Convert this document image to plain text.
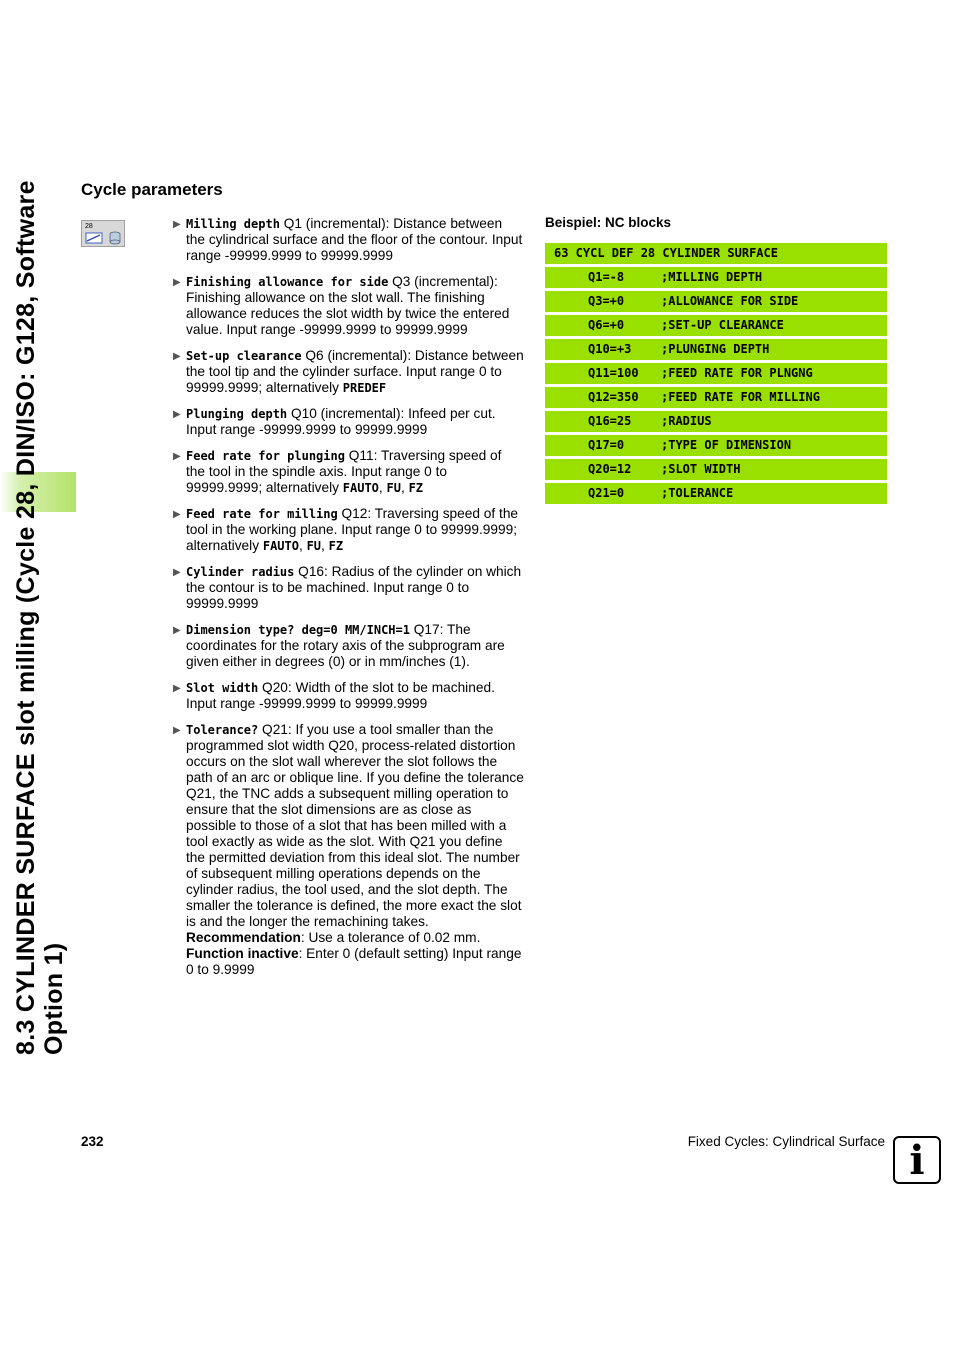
8.3 CYLINDER SURFACE slot milling (Cycle 28, DIN/ISO: G128, Software Option 1)
Cycle parameters
28	▶ Milling depth Q1 (incremental): Distance between the cylindrical surface and the floor of the contour. Input range -99999.9999 to 99999.9999
▶ Finishing allowance for side Q3 (incremental): Finishing allowance on the slot wall. The finishing allowance reduces the slot width by twice the entered value. Input range -99999.9999 to 99999.9999
▶ Set-up clearance Q6 (incremental): Distance between the tool tip and the cylinder surface. Input range 0 to 99999.9999; alternatively PREDEF
▶ Plunging depth Q10 (incremental): Infeed per cut. Input range -99999.9999 to 99999.9999
▶ Feed rate for plunging Q11: Traversing speed of the tool in the spindle axis. Input range 0 to 99999.9999; alternatively FAUTO, FU, FZ
▶ Feed rate for milling Q12: Traversing speed of the tool in the working plane. Input range 0 to 99999.9999; alternatively FAUTO, FU, FZ
▶ Cylinder radius Q16: Radius of the cylinder on which the contour is to be machined. Input range 0 to 99999.9999
▶ Dimension type? deg=0 MM/INCH=1 Q17: The coordinates for the rotary axis of the subprogram are given either in degrees (0) or in mm/inches (1).
▶ Slot width Q20: Width of the slot to be machined. Input range -99999.9999 to 99999.9999
▶ Tolerance? Q21: If you use a tool smaller than the programmed slot width Q20, process-related distortion occurs on the slot wall wherever the slot follows the path of an arc or oblique line. If you define the tolerance Q21, the TNC adds a subsequent milling operation to ensure that the slot dimensions are as close as possible to those of a slot that has been milled with a tool exactly as wide as the slot. With Q21 you define the permitted deviation from this ideal slot. The number of subsequent milling operations depends on the cylinder radius, the tool used, and the slot depth. The smaller the tolerance is defined, the more exact the slot is and the longer the remachining takes. Recommendation: Use a tolerance of 0.02 mm. Function inactive: Enter 0 (default setting) Input range 0 to 9.9999
Beispiel: NC blocks
63 CYCL DEF 28 CYLINDER SURFACE
Q1=-8	;MILLING DEPTH
Q3=+0	;ALLOWANCE FOR SIDE
Q6=+0	;SET-UP CLEARANCE
Q10=+3 ;PLUNGING DEPTH
Q11=100 ;FEED RATE FOR PLNGNG
Q12=350 ;FEED RATE FOR MILLING
Q16=25 ;RADIUS
Q17=0	;TYPE OF DIMENSION
Q20=12 ;SLOT WIDTH
Q21=0	;TOLERANCE
232	Fixed Cycles: Cylindrical Surface i
